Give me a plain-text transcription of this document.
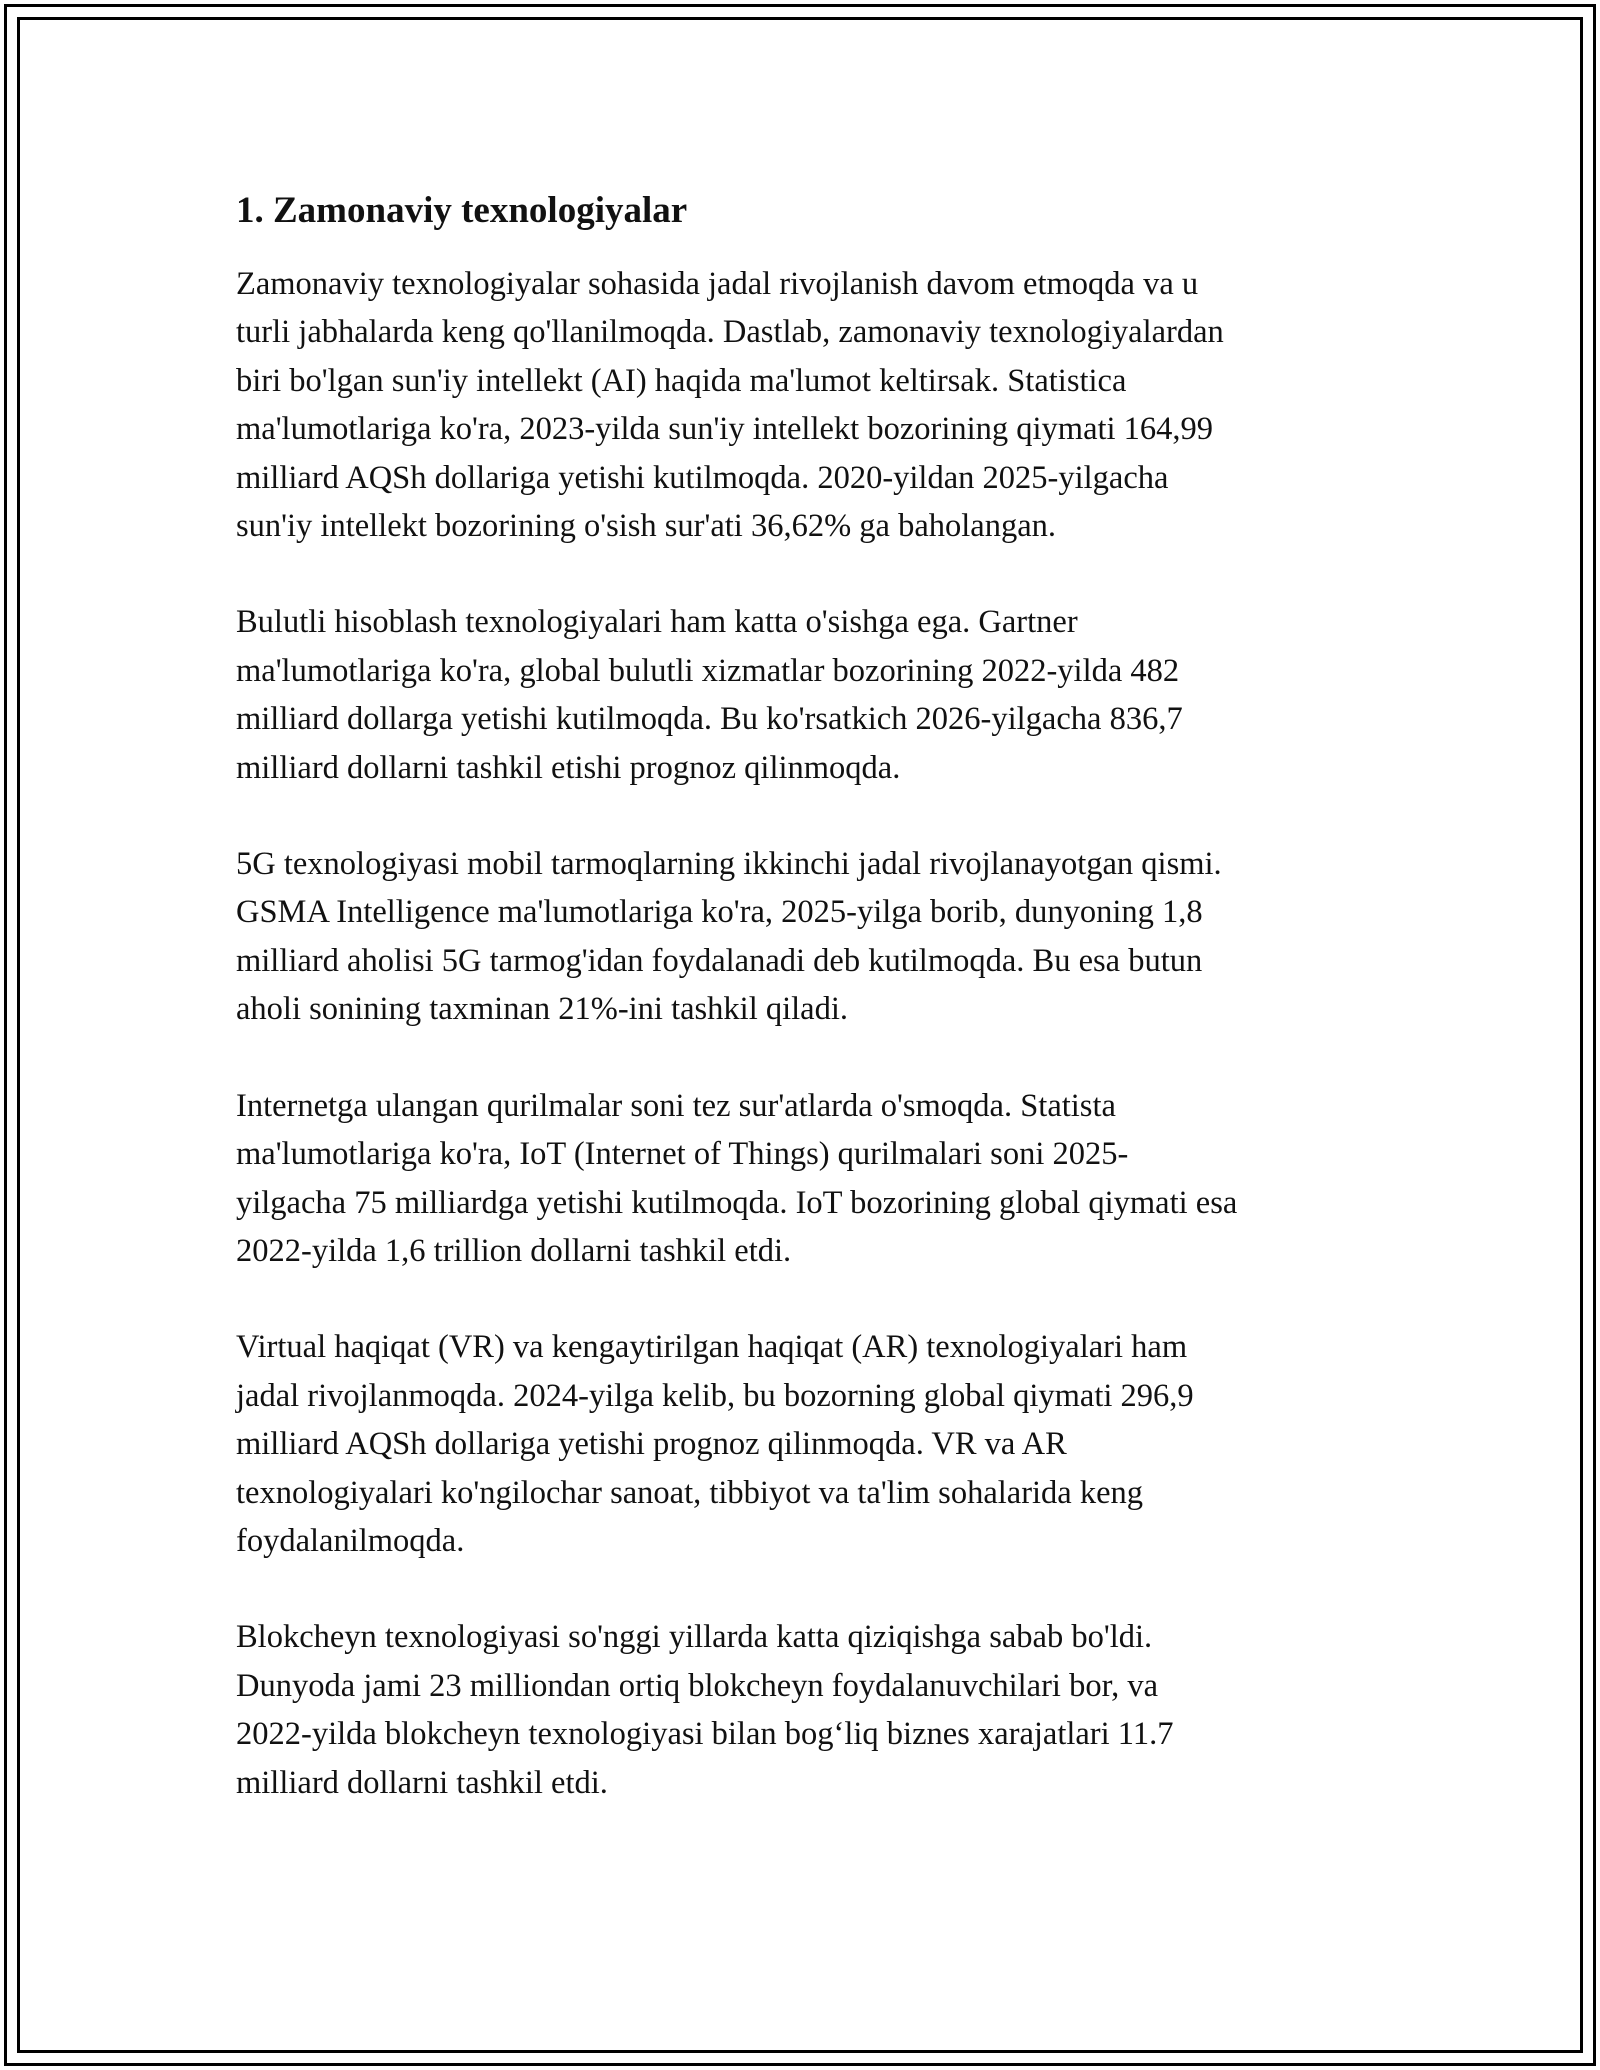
1. Zamonaviy texnologiyalar

Zamonaviy texnologiyalar sohasida jadal rivojlanish davom etmoqda va u
turli jabhalarda keng qo'llanilmoqda. Dastlab, zamonaviy texnologiyalardan
biri bo'lgan sun'iy intellekt (AI) haqida ma'lumot keltirsak. Statistica
ma'lumotlariga ko'ra, 2023-yilda sun'iy intellekt bozorining qiymati 164,99
milliard AQSh dollariga yetishi kutilmoqda. 2020-yildan 2025-yilgacha
sun'iy intellekt bozorining o'sish sur'ati 36,62% ga baholangan.

Bulutli hisoblash texnologiyalari ham katta o'sishga ega. Gartner
ma'lumotlariga ko'ra, global bulutli xizmatlar bozorining 2022-yilda 482
milliard dollarga yetishi kutilmoqda. Bu ko'rsatkich 2026-yilgacha 836,7
milliard dollarni tashkil etishi prognoz qilinmoqda.

5G texnologiyasi mobil tarmoqlarning ikkinchi jadal rivojlanayotgan qismi.
GSMA Intelligence ma'lumotlariga ko'ra, 2025-yilga borib, dunyoning 1,8
milliard aholisi 5G tarmog'idan foydalanadi deb kutilmoqda. Bu esa butun
aholi sonining taxminan 21%-ini tashkil qiladi.

Internetga ulangan qurilmalar soni tez sur'atlarda o'smoqda. Statista
ma'lumotlariga ko'ra, IoT (Internet of Things) qurilmalari soni 2025-
yilgacha 75 milliardga yetishi kutilmoqda. IoT bozorining global qiymati esa
2022-yilda 1,6 trillion dollarni tashkil etdi.

Virtual haqiqat (VR) va kengaytirilgan haqiqat (AR) texnologiyalari ham
jadal rivojlanmoqda. 2024-yilga kelib, bu bozorning global qiymati 296,9
milliard AQSh dollariga yetishi prognoz qilinmoqda. VR va AR
texnologiyalari ko'ngilochar sanoat, tibbiyot va ta'lim sohalarida keng
foydalanilmoqda.

Blokcheyn texnologiyasi so'nggi yillarda katta qiziqishga sabab bo'ldi.
Dunyoda jami 23 milliondan ortiq blokcheyn foydalanuvchilari bor, va
2022-yilda blokcheyn texnologiyasi bilan bog‘liq biznes xarajatlari 11.7
milliard dollarni tashkil etdi.
